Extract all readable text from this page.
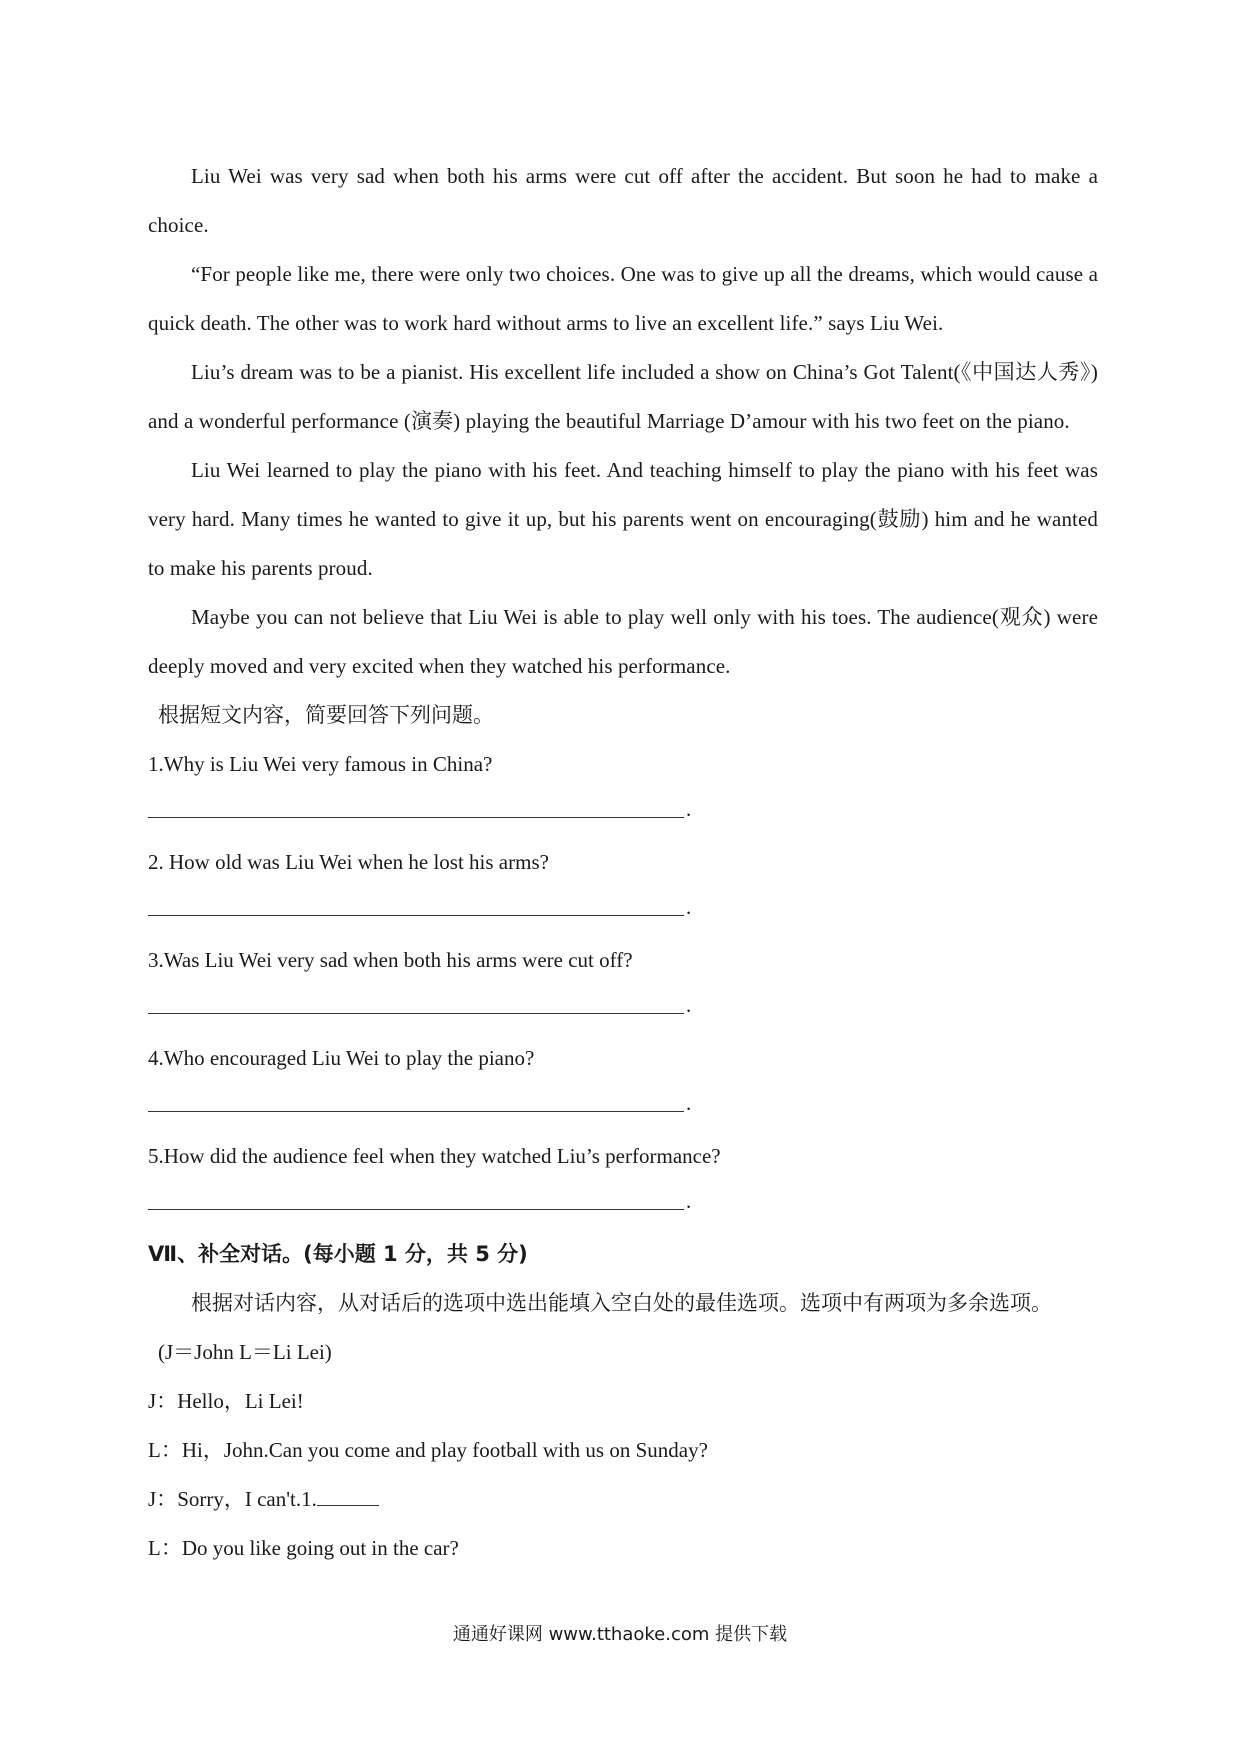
Liu Wei was very sad when both his arms were cut off after the accident. But soon he had to make a choice.

“For people like me, there were only two choices. One was to give up all the dreams, which would cause a quick death. The other was to work hard without arms to live an excellent life.” says Liu Wei.

Liu’s dream was to be a pianist. His excellent life included a show on China’s Got Talent(《中国达人秀》) and a wonderful performance (演奏) playing the beautiful Marriage D’amour with his two feet on the piano.

Liu Wei learned to play the piano with his feet. And teaching himself to play the piano with his feet was very hard. Many times he wanted to give it up, but his parents went on encouraging(鼓励) him and he wanted to make his parents proud.

Maybe you can not believe that Liu Wei is able to play well only with his toes. The audience(观众) were deeply moved and very excited when they watched his performance.

根据短文内容，简要回答下列问题。

1.Why is Liu Wei very famous in China?

.

2. How old was Liu Wei when he lost his arms?

.

3.Was Liu Wei very sad when both his arms were cut off?

.

4.Who encouraged Liu Wei to play the piano?

.

5.How did the audience feel when they watched Liu’s performance?

.

Ⅶ、补全对话。(每小题 1 分，共 5 分)

根据对话内容，从对话后的选项中选出能填入空白处的最佳选项。选项中有两项为多余选项。

(J＝John L＝Li Lei)

J：Hello，Li Lei!

L：Hi，John.Can you come and play football with us on Sunday?

J：Sorry，I can't.1.

L：Do you like going out in the car?

通通好课网 www.tthaoke.com 提供下载
